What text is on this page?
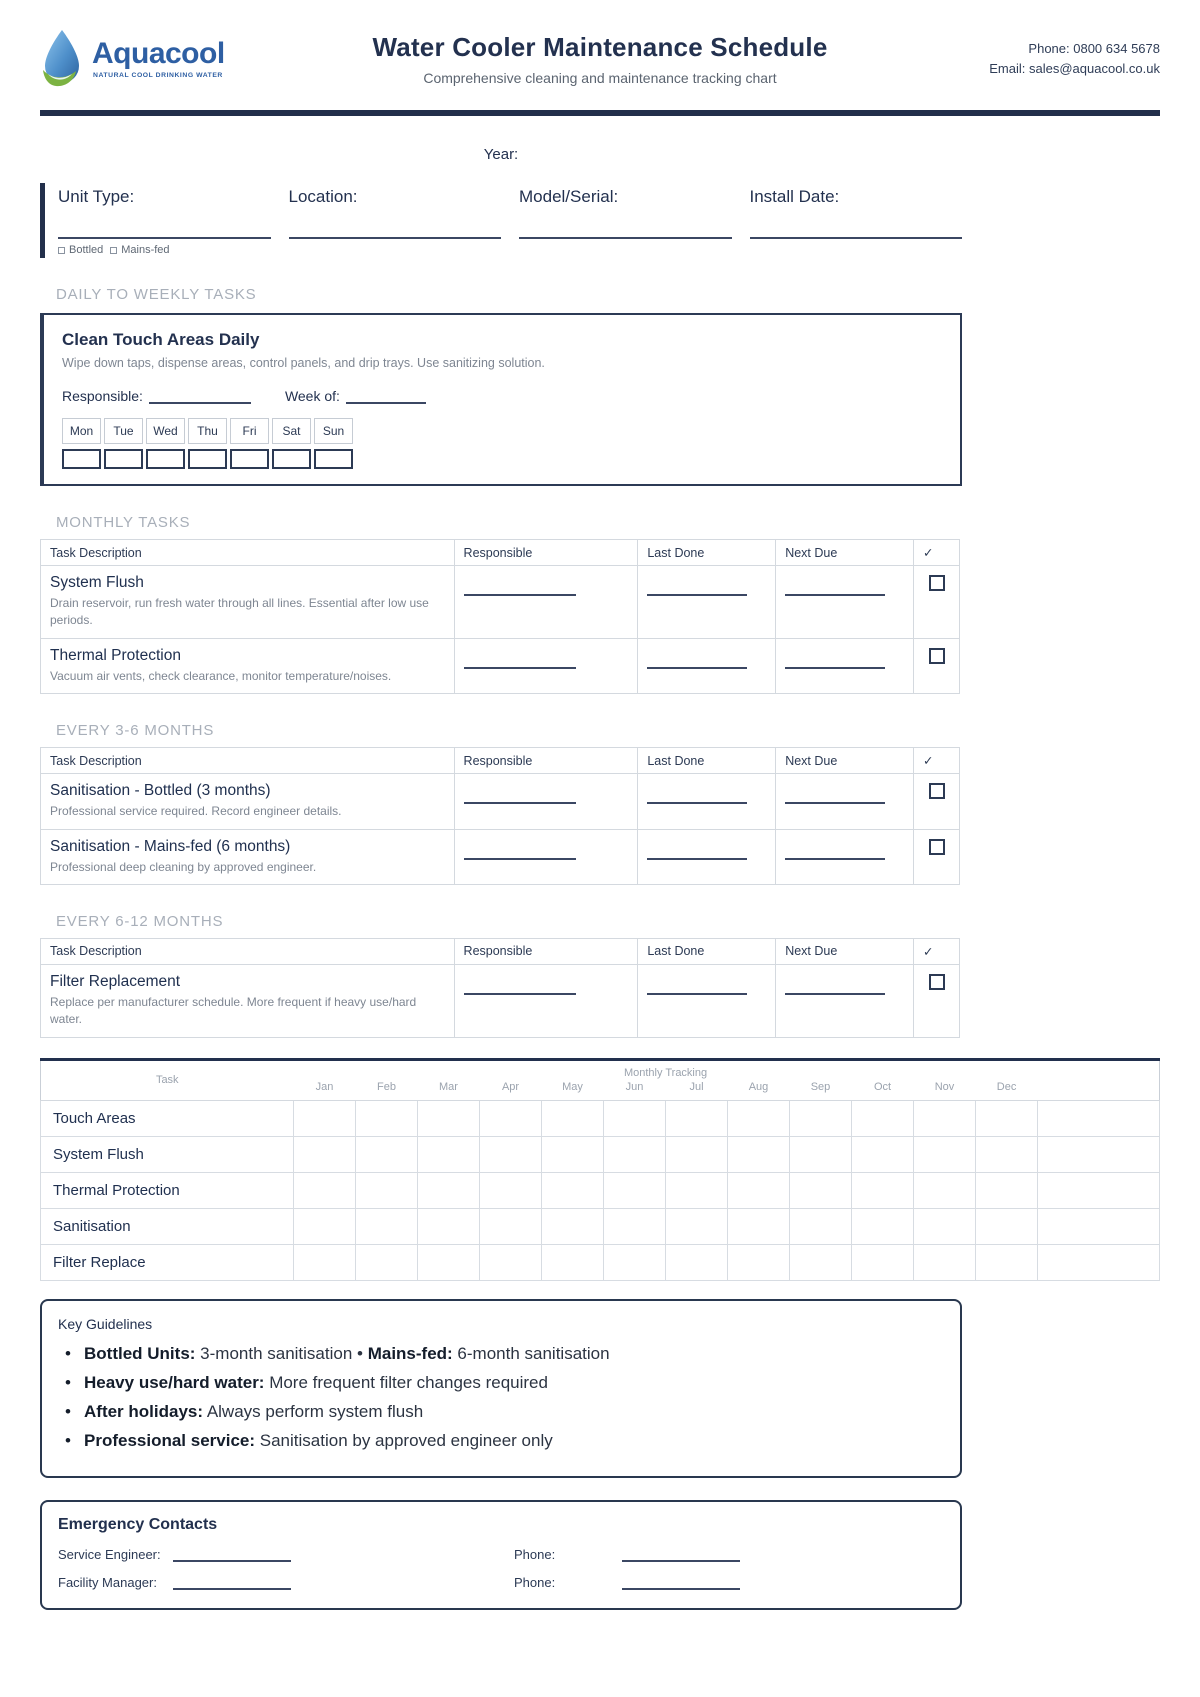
Aquacool
NATURAL COOL DRINKING WATER
Water Cooler Maintenance Schedule
Comprehensive cleaning and maintenance tracking chart
Phone: 0800 634 5678
Email: sales@aquacool.co.uk
Year:
Unit Type:
Bottled Mains-fed
Location:	Model/Serial:	Install Date:
DAILY TO WEEKLY TASKS
Clean Touch Areas Daily
Wipe down taps, dispense areas, control panels, and drip trays. Use sanitizing solution.
Responsible:	Week of:
Mon	Tue	Wed	Thu	Fri	Sat	Sun
MONTHLY TASKS
Task Description	Responsible	Last Done	Next Due	✓

System Flush
Drain reservoir, run fresh water through all lines. Essential after low use periods.				

Thermal Protection
Vacuum air vents, check clearance, monitor temperature/noises.				

EVERY 3-6 MONTHS
Task Description	Responsible	Last Done	Next Due	✓

Sanitisation - Bottled (3 months)
Professional service required. Record engineer details.				

Sanitisation - Mains-fed (6 months)
Professional deep cleaning by approved engineer.				

EVERY 6-12 MONTHS
Task Description	Responsible	Last Done	Next Due	✓

Filter Replacement
Replace per manufacturer schedule. More frequent if heavy use/hard water.				

Task	Monthly Tracking												
	Jan	Feb	Mar	Apr	May	Jun	Jul	Aug	Sep	Oct	Nov	Dec	
Touch Areas													
System Flush													
Thermal Protection													
Sanitisation													
Filter Replace													
Key Guidelines
• Bottled Units: 3-month sanitisation • Mains-fed: 6-month sanitisation
• Heavy use/hard water: More frequent filter changes required
• After holidays: Always perform system flush
• Professional service: Sanitisation by approved engineer only
Emergency Contacts
Service Engineer:	Phone:
Facility Manager:	Phone:
